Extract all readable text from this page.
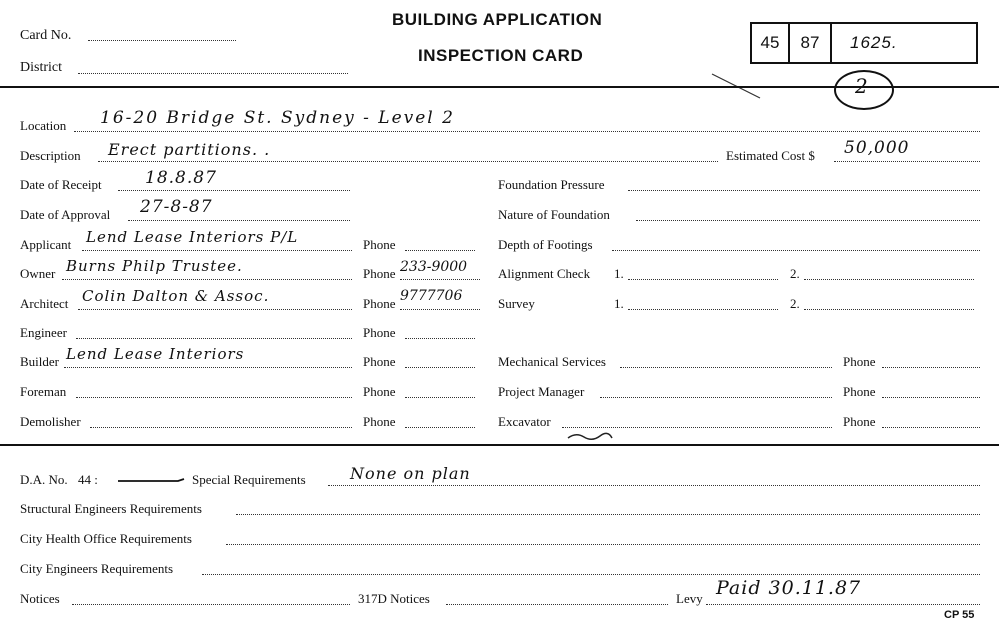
Card No.
District
BUILDING APPLICATION
INSPECTION CARD
45	87	1625.
2
Location 16-20 Bridge St. Sydney - Level 2
Description Erect partitions. .	Estimated Cost $ 50,000
Date of Receipt	18.8.87	Foundation Pressure
Date of Approval 27-8-87	Nature of Foundation
Applicant Lend Lease Interiors P/L	Phone	Depth of Footings
Owner Burns Philp Trustee.	Phone 233-9000 Alignment Check 1.	2.
Architect Colin Dalton & Assoc.	Phone 9777706	Survey	1.	2.
Engineer	Phone
Builder Lend Lease Interiors	Phone	Mechanical Services	Phone
Foreman	Phone	Project Manager	Phone
Demolisher	Phone	Excavator	Phone
D.A. No. 44 :	Special Requirements	None on plan
Structural Engineers Requirements
City Health Office Requirements
City Engineers Requirements
Notices	317D Notices	Levy Paid 30.11.87
CP 55
